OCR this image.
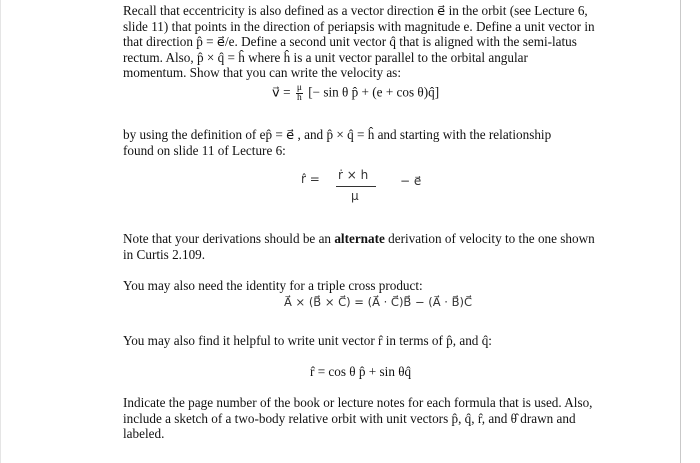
Recall that eccentricity is also defined as a vector direction e⃗ in the orbit (see Lecture 6,
slide 11) that points in the direction of periapsis with magnitude e. Define a unit vector in
that direction p̂ = e⃗/e. Define a second unit vector q̂ that is aligned with the semi-latus
rectum. Also, p̂ × q̂ = ĥ where ĥ is a unit vector parallel to the orbital angular
momentum. Show that you can write the velocity as:
v⃗ = $\frac{\mu}{h}$ [− sin θ p̂ + (e + cos θ)q̂]
by using the definition of ep̂ = e⃗ , and p̂ × q̂ = ĥ and starting with the relationship
found on slide 11 of Lecture 6:
r̂ = ṙ × h
μ
− e⃗
Note that your derivations should be an alternate derivation of velocity to the one shown
in Curtis 2.109.
You may also need the identity for a triple cross product:
A⃗ × (B⃗ × C⃗) = (A⃗ · C⃗)B⃗ − (A⃗ · B⃗)C⃗
You may also find it helpful to write unit vector r̂ in terms of p̂, and q̂:
r̂ = cos θ p̂ + sin θq̂
Indicate the page number of the book or lecture notes for each formula that is used. Also,
include a sketch of a two-body relative orbit with unit vectors p̂, q̂, r̂, and θ̂ drawn and
labeled.
